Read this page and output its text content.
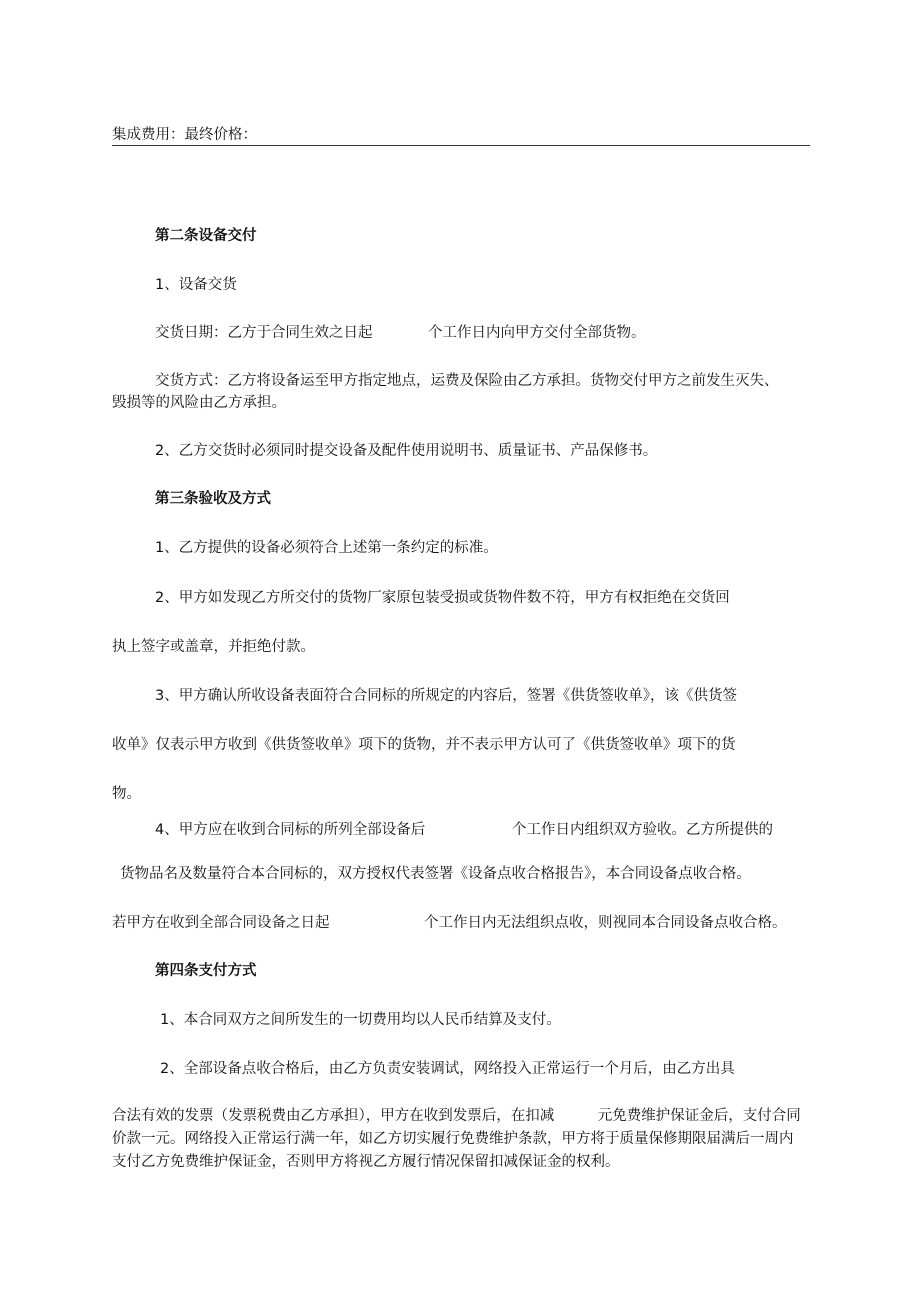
集成费用：最终价格：

第二条设备交付

1、设备交货

交货日期：乙方于合同生效之日起	个工作日内向甲方交付全部货物。

交货方式：乙方将设备运至甲方指定地点，运费及保险由乙方承担。货物交付甲方之前发生灭失、

毁损等的风险由乙方承担。

2、乙方交货时必须同时提交设备及配件使用说明书、质量证书、产品保修书。

第三条验收及方式

1、乙方提供的设备必须符合上述第一条约定的标准。

2、甲方如发现乙方所交付的货物厂家原包装受损或货物件数不符，甲方有权拒绝在交货回

执上签字或盖章，并拒绝付款。

3、甲方确认所收设备表面符合合同标的所规定的内容后，签署《供货签收单》，该《供货签

收单》仅表示甲方收到《供货签收单》项下的货物，并不表示甲方认可了《供货签收单》项下的货

物。

4、甲方应在收到合同标的所列全部设备后	个工作日内组织双方验收。乙方所提供的

货物品名及数量符合本合同标的，双方授权代表签署《设备点收合格报告》，本合同设备点收合格。

若甲方在收到全部合同设备之日起	个工作日内无法组织点收，则视同本合同设备点收合格。

第四条支付方式

1、本合同双方之间所发生的一切费用均以人民币结算及支付。

2、全部设备点收合格后，由乙方负责安装调试，网络投入正常运行一个月后，由乙方出具

合法有效的发票（发票税费由乙方承担），甲方在收到发票后，在扣减　　　元免费维护保证金后，支付合同价款一元。网络投入正常运行满一年，如乙方切实履行免费维护条款，甲方将于质量保修期限届满后一周内支付乙方免费维护保证金，否则甲方将视乙方履行情况保留扣减保证金的权利。
